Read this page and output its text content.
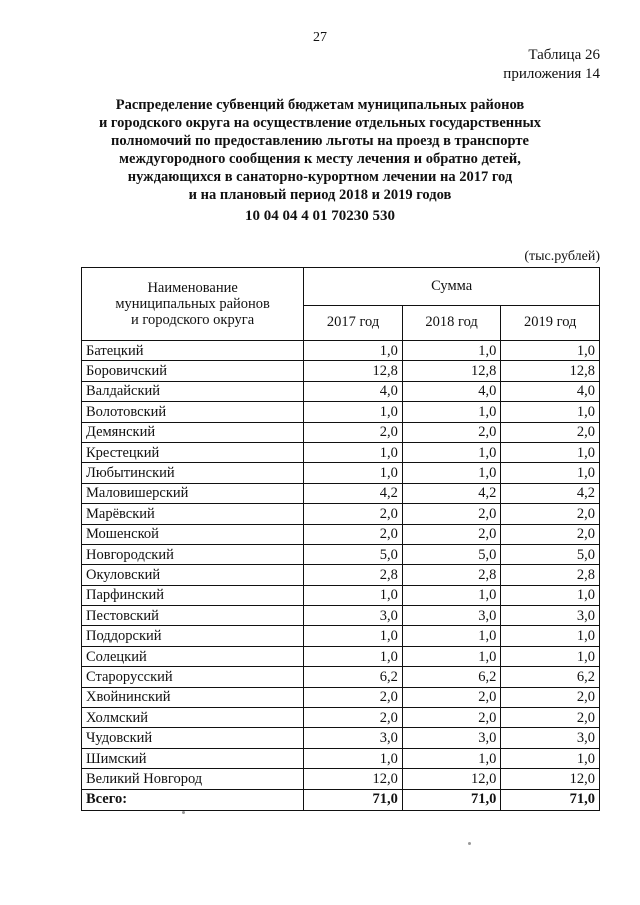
27
Таблица 26
приложения 14
Распределение субвенций бюджетам муниципальных районов
и городского округа на осуществление отдельных государственных
полномочий по предоставлению льготы на проезд в транспорте
междугородного сообщения к месту лечения и обратно детей,
нуждающихся в санаторно-курортном лечении на 2017 год
и на плановый период 2018 и 2019 годов
10 04 04 4 01 70230 530
(тыс.рублей)
Наименование
муниципальных районов
и городского округа	Сумма		
	2017 год	2018 год	2019 год
Батецкий	1,0	1,0	1,0
Боровичский	12,8	12,8	12,8
Валдайский	4,0	4,0	4,0
Волотовский	1,0	1,0	1,0
Демянский	2,0	2,0	2,0
Крестецкий	1,0	1,0	1,0
Любытинский	1,0	1,0	1,0
Маловишерский	4,2	4,2	4,2
Марёвский	2,0	2,0	2,0
Мошенской	2,0	2,0	2,0
Новгородский	5,0	5,0	5,0
Окуловский	2,8	2,8	2,8
Парфинский	1,0	1,0	1,0
Пестовский	3,0	3,0	3,0
Поддорский	1,0	1,0	1,0
Солецкий	1,0	1,0	1,0
Старорусский	6,2	6,2	6,2
Хвойнинский	2,0	2,0	2,0
Холмский	2,0	2,0	2,0
Чудовский	3,0	3,0	3,0
Шимский	1,0	1,0	1,0
Великий Новгород	12,0	12,0	12,0
Всего:	71,0	71,0	71,0
